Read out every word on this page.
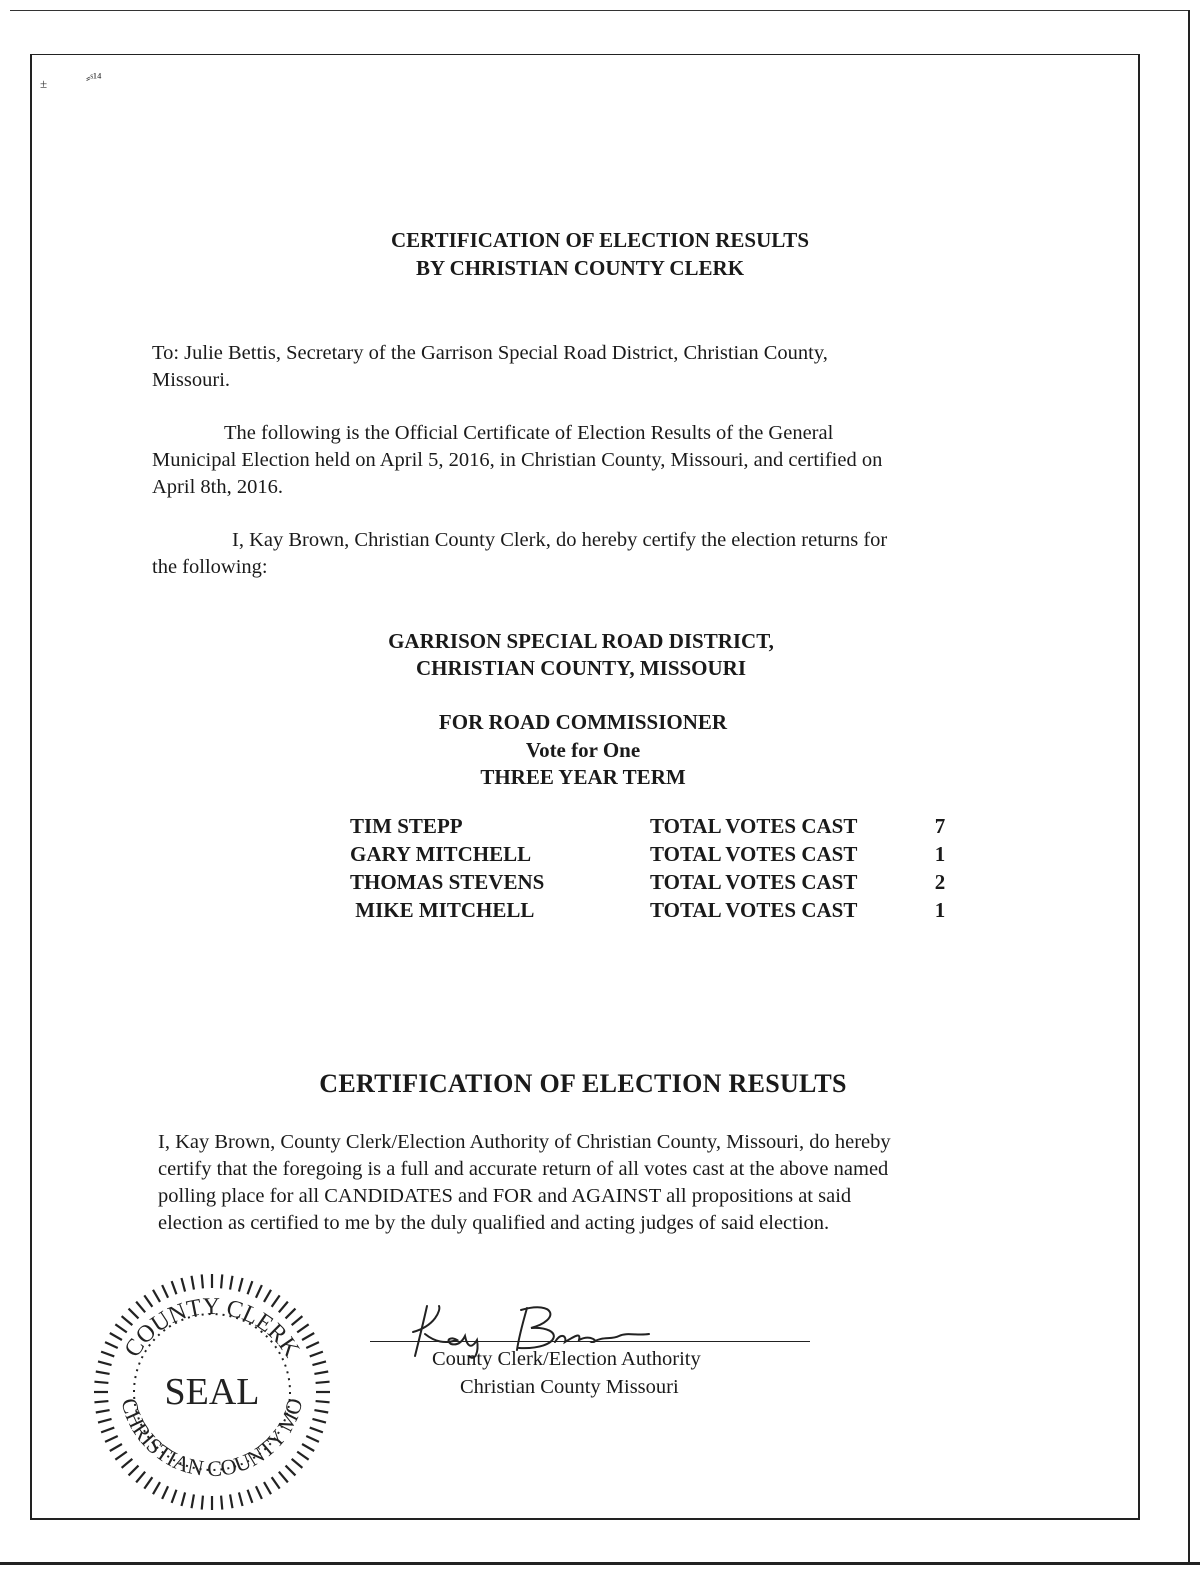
±	⸗ˢ¹⁴
CERTIFICATION OF ELECTION RESULTS
BY CHRISTIAN COUNTY CLERK
To: Julie Bettis, Secretary of the Garrison Special Road District, Christian County,
Missouri.
The following is the Official Certificate of Election Results of the General
Municipal Election held on April 5, 2016, in Christian County, Missouri, and certified on
April 8th, 2016.
I, Kay Brown, Christian County Clerk, do hereby certify the election returns for
the following:
GARRISON SPECIAL ROAD DISTRICT,
CHRISTIAN COUNTY, MISSOURI
FOR ROAD COMMISSIONER
Vote for One
THREE YEAR TERM
TIM STEPP	TOTAL VOTES CAST	7
GARY MITCHELL	TOTAL VOTES CAST	1
THOMAS STEVENS	TOTAL VOTES CAST	2
MIKE MITCHELL	TOTAL VOTES CAST	1
CERTIFICATION OF ELECTION RESULTS
I, Kay Brown, County Clerk/Election Authority of Christian County, Missouri, do hereby
certify that the foregoing is a full and accurate return of all votes cast at the above named
polling place for all CANDIDATES and FOR and AGAINST all propositions at said
election as certified to me by the duly qualified and acting judges of said election.
COUNTY CLERK
CHRISTIAN COUNTY MO
SEAL
County Clerk/Election Authority
Christian County Missouri
